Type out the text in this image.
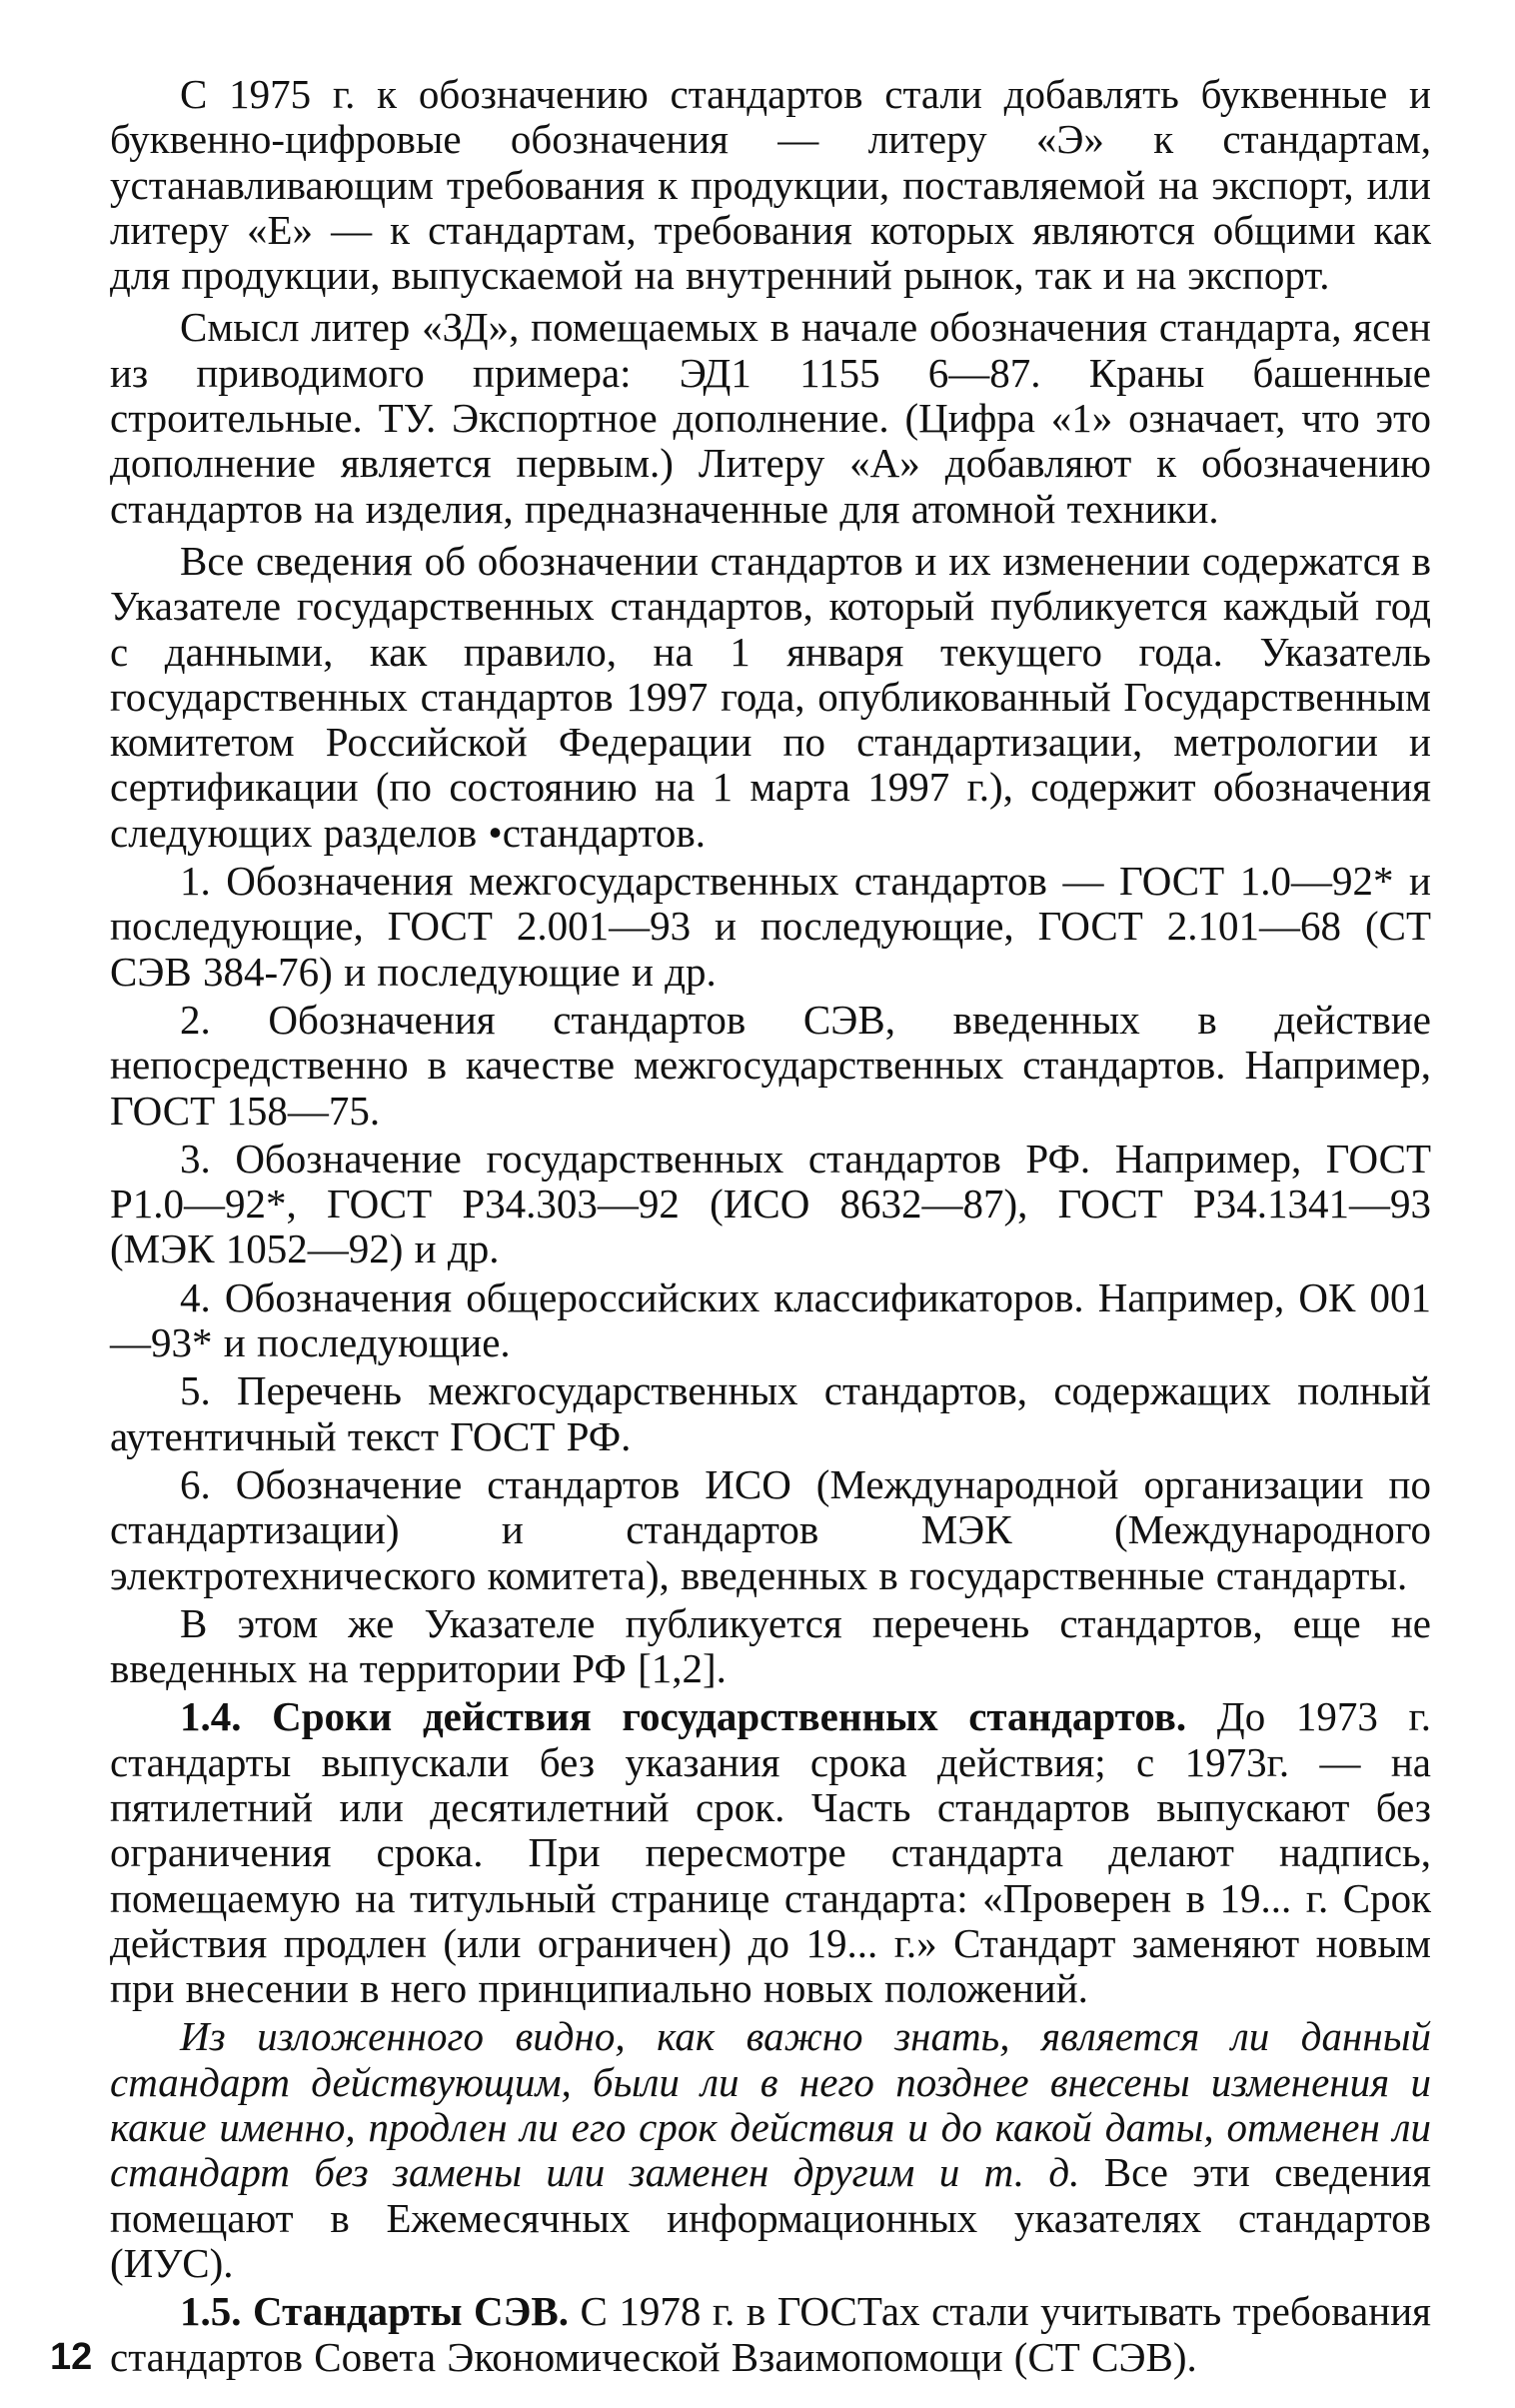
С 1975 г. к обозначению стандартов стали добавлять буквенные и буквенно-цифровые обозначения — литеру «Э» к стандартам, устанавливающим требования к продукции, поставляемой на экспорт, или литеру «Е» — к стандартам, требования которых являются общими как для продукции, выпускаемой на внутренний рынок, так и на экспорт.

Смысл литер «ЗД», помещаемых в начале обозначения стандарта, ясен из приводимого примера: ЭД1 1155 6—87. Краны башенные строительные. ТУ. Экспортное дополнение. (Цифра «1» означает, что это дополнение является первым.) Литеру «А» добавляют к обозначению стандартов на изделия, предназначенные для атомной техники.

Все сведения об обозначении стандартов и их изменении содержатся в Указателе государственных стандартов, который публикуется каждый год с данными, как правило, на 1 января текущего года. Указатель государственных стандартов 1997 года, опубликованный Государственным комитетом Российской Федерации по стандартизации, метрологии и сертификации (по состоянию на 1 марта 1997 г.), содержит обозначения следующих разделов •стандартов.

1. Обозначения межгосударственных стандартов — ГОСТ 1.0—92* и последующие, ГОСТ 2.001—93 и последующие, ГОСТ 2.101—68 (СТ СЭВ 384-76) и последующие и др.

2. Обозначения стандартов СЭВ, введенных в действие непосредственно в качестве межгосударственных стандартов. Например, ГОСТ 158—75.

3. Обозначение государственных стандартов РФ. Например, ГОСТ Р1.0—92*, ГОСТ Р34.303—92 (ИСО 8632—87), ГОСТ Р34.1341—93 (МЭК 1052—92) и др.

4. Обозначения общероссийских классификаторов. Например, ОК 001—93* и последующие.

5. Перечень межгосударственных стандартов, содержащих полный аутентичный текст ГОСТ РФ.

6. Обозначение стандартов ИСО (Международной организации по стандартизации) и стандартов МЭК (Международного электротехнического комитета), введенных в государственные стандарты.

В этом же Указателе публикуется перечень стандартов, еще не введенных на территории РФ [1,2].

1.4. Сроки действия государственных стандартов. До 1973 г. стандарты выпускали без указания срока действия; с 1973г. — на пятилетний или десятилетний срок. Часть стандартов выпускают без ограничения срока. При пересмотре стандарта делают надпись, помещаемую на титульный странице стандарта: «Проверен в 19... г. Срок действия продлен (или ограничен) до 19... г.» Стандарт заменяют новым при внесении в него принципиально новых положений.

Из изложенного видно, как важно знать, является ли данный стандарт действующим, были ли в него позднее внесены изменения и какие именно, продлен ли его срок действия и до какой даты, отменен ли стандарт без замены или заменен другим и т. д. Все эти сведения помещают в Ежемесячных информационных указателях стандартов (ИУС).

1.5. Стандарты СЭВ. С 1978 г. в ГОСТах стали учитывать требования стандартов Совета Экономической Взаимопомощи (СТ СЭВ).

12
